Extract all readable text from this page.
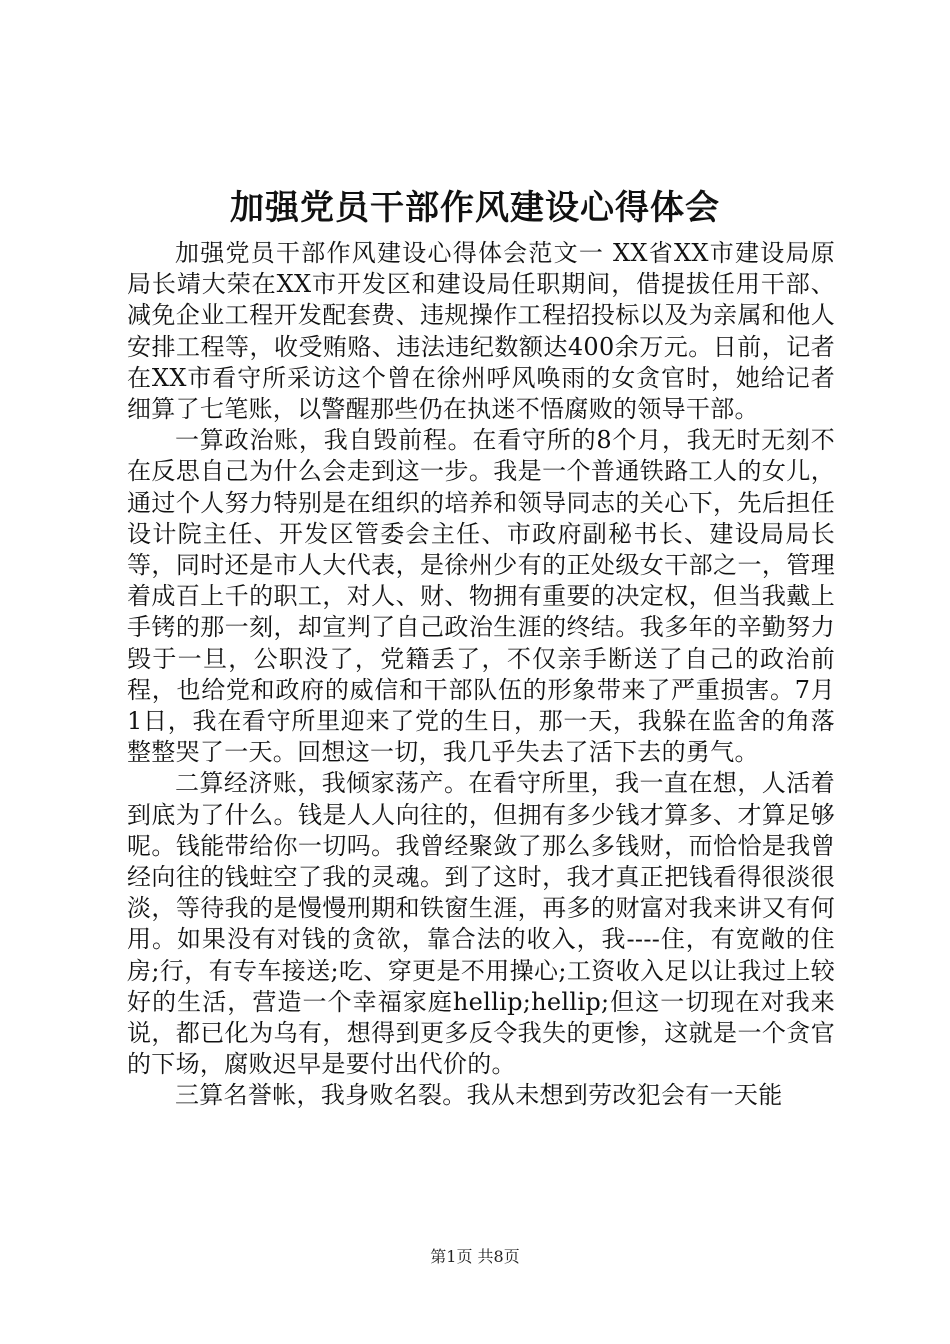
加强党员干部作风建设心得体会

加强党员干部作风建设心得体会范文一 XX省XX市建设局原局长靖大荣在XX市开发区和建设局任职期间，借提拔任用干部、减免企业工程开发配套费、违规操作工程招投标以及为亲属和他人安排工程等，收受贿赂、违法违纪数额达400余万元。日前，记者在XX市看守所采访这个曾在徐州呼风唤雨的女贪官时，她给记者细算了七笔账，以警醒那些仍在执迷不悟腐败的领导干部。

一算政治账，我自毁前程。在看守所的8个月，我无时无刻不在反思自己为什么会走到这一步。我是一个普通铁路工人的女儿，通过个人努力特别是在组织的培养和领导同志的关心下，先后担任设计院主任、开发区管委会主任、市政府副秘书长、建设局局长等，同时还是市人大代表，是徐州少有的正处级女干部之一，管理着成百上千的职工，对人、财、物拥有重要的决定权，但当我戴上手铐的那一刻，却宣判了自己政治生涯的终结。我多年的辛勤努力毁于一旦，公职没了，党籍丢了，不仅亲手断送了自己的政治前程，也给党和政府的威信和干部队伍的形象带来了严重损害。7月1日，我在看守所里迎来了党的生日，那一天，我躲在监舍的角落整整哭了一天。回想这一切，我几乎失去了活下去的勇气。

二算经济账，我倾家荡产。在看守所里，我一直在想，人活着到底为了什么。钱是人人向往的，但拥有多少钱才算多、才算足够呢。钱能带给你一切吗。我曾经聚敛了那么多钱财，而恰恰是我曾经向往的钱蛀空了我的灵魂。到了这时，我才真正把钱看得很淡很淡，等待我的是慢慢刑期和铁窗生涯，再多的财富对我来讲又有何用。如果没有对钱的贪欲，靠合法的收入，我----住，有宽敞的住房;行，有专车接送;吃、穿更是不用操心;工资收入足以让我过上较好的生活，营造一个幸福家庭hellip;hellip;但这一切现在对我来说，都已化为乌有，想得到更多反令我失的更惨，这就是一个贪官的下场，腐败迟早是要付出代价的。

三算名誉帐，我身败名裂。我从未想到劳改犯会有一天能

第1页 共8页
